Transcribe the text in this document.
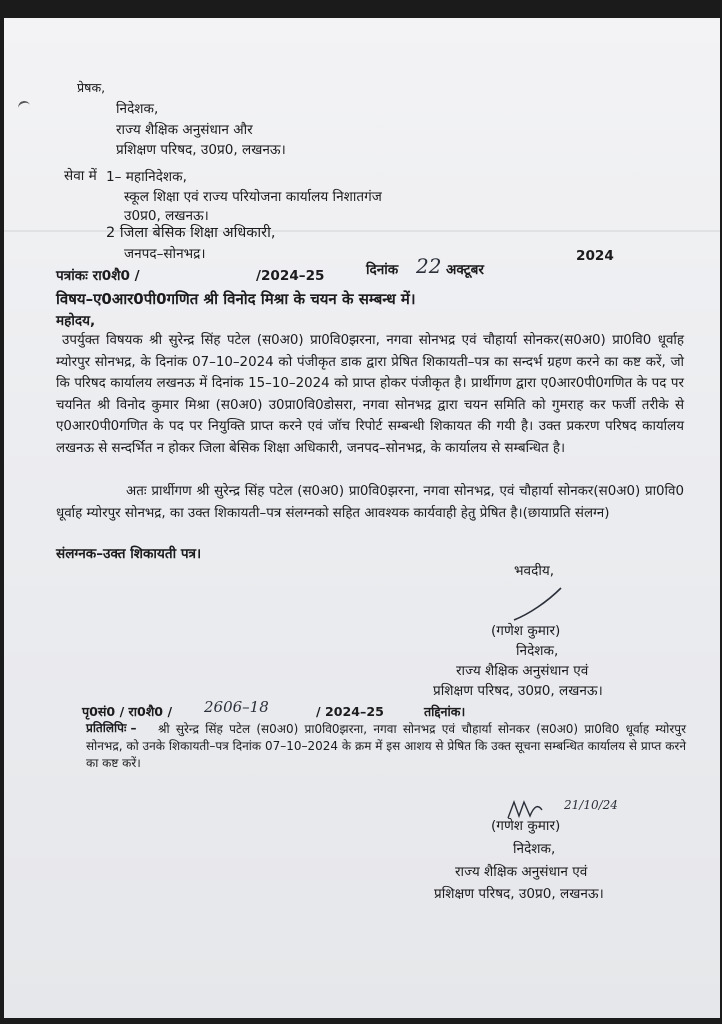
प्रेषक,
निदेशक,
राज्य शैक्षिक अनुसंधान और
प्रशिक्षण परिषद, उ0प्र0, लखनऊ।
सेवा में 1– महानिदेशक,
स्कूल शिक्षा एवं राज्य परियोजना कार्यालय निशातगंज
उ0प्र0, लखनऊ।
2 जिला बेसिक शिक्षा अधिकारी,
जनपद–सोनभद्र।
पत्रांकः रा0शै0 /	/2024–25	दिनांक 22 अक्टूबर
2024
विषय–ए0आर0पी0गणित श्री विनोद मिश्रा के चयन के सम्बन्ध में।
महोदय,
उपर्युक्त विषयक श्री सुरेन्द्र सिंह पटेल (स0अ0) प्रा0वि0झरना, नगवा सोनभद्र एवं चौहार्या सोनकर(स0अ0) प्रा0वि0 धूर्वाह म्योरपुर सोनभद्र, के दिनांक 07–10–2024 को पंजीकृत डाक द्वारा प्रेषित शिकायती–पत्र का सन्दर्भ ग्रहण करने का कष्ट करें, जो कि परिषद कार्यालय लखनऊ में दिनांक 15–10–2024 को प्राप्त होकर पंजीकृत है। प्रार्थीगण द्वारा ए0आर0पी0गणित के पद पर चयनित श्री विनोद कुमार मिश्रा (स0अ0) उ0प्रा0वि0डोसरा, नगवा सोनभद्र द्वारा चयन समिति को गुमराह कर फर्जी तरीके से ए0आर0पी0गणित के पद पर नियुक्ति प्राप्त करने एवं जॉच रिपोर्ट सम्बन्धी शिकायत की गयी है। उक्त प्रकरण परिषद कार्यालय लखनऊ से सन्दर्भित न होकर जिला बेसिक शिक्षा अधिकारी, जनपद–सोनभद्र, के कार्यालय से सम्बन्धित है।
अतः प्रार्थीगण श्री सुरेन्द्र सिंह पटेल (स0अ0) प्रा0वि0झरना, नगवा सोनभद्र, एवं चौहार्या सोनकर(स0अ0) प्रा0वि0 धूर्वाह म्योरपुर सोनभद्र, का उक्त शिकायती–पत्र संलग्नको सहित आवश्यक कार्यवाही हेतु प्रेषित है।(छायाप्रति संलग्न)
संलग्नक–उक्त शिकायती पत्र।
भवदीय,
(गणेश कुमार)
निदेशक,
राज्य शैक्षिक अनुसंधान एवं
प्रशिक्षण परिषद, उ0प्र0, लखनऊ।
पृ0सं0 / रा0शै0 / 2606–18	/ 2024–25	तद्दिनांक।
प्रतिलिपिः –	श्री सुरेन्द्र सिंह पटेल (स0अ0) प्रा0वि0झरना, नगवा सोनभद्र एवं चौहार्या सोनकर (स0अ0) प्रा0वि0 धूर्वाह म्योरपुर सोनभद्र, को उनके शिकायती–पत्र दिनांक 07–10–2024 के क्रम में इस आशय से प्रेषित कि उक्त सूचना सम्बन्धित कार्यालय से प्राप्त करने का कष्ट करें।
21/10/24
(गणेश कुमार)
निदेशक,
राज्य शैक्षिक अनुसंधान एवं
प्रशिक्षण परिषद, उ0प्र0, लखनऊ।
